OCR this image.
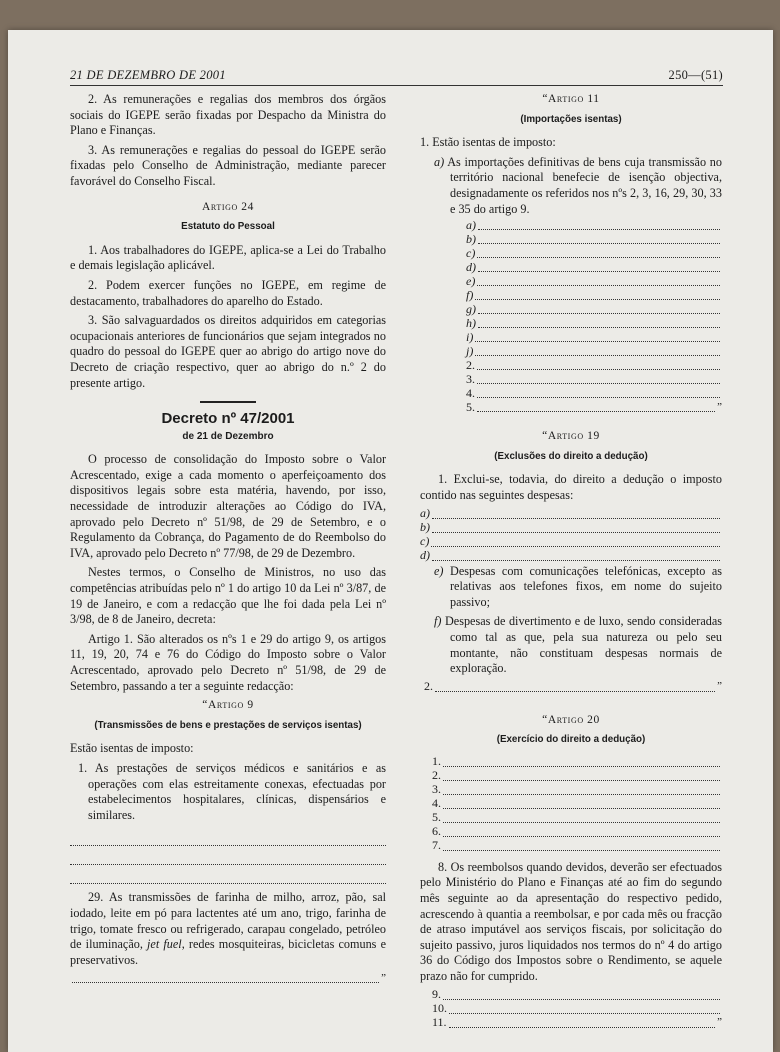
21 DE DEZEMBRO DE 2001	250—(51)

2. As remunerações e regalias dos membros dos órgãos sociais do IGEPE serão fixadas por Despacho da Ministra do Plano e Finanças.

3. As remunerações e regalias do pessoal do IGEPE serão fixadas pelo Conselho de Administração, mediante parecer favorável do Conselho Fiscal.

Artigo 24
Estatuto do Pessoal

1. Aos trabalhadores do IGEPE, aplica-se a Lei do Trabalho e demais legislação aplicável.

2. Podem exercer funções no IGEPE, em regime de destacamento, trabalhadores do aparelho do Estado.

3. São salvaguardados os direitos adquiridos em categorias ocupacionais anteriores de funcionários que sejam integrados no quadro do pessoal do IGEPE quer ao abrigo do artigo nove do Decreto de criação respectivo, quer ao abrigo do n.º 2 do presente artigo.

Decreto nº 47/2001
de 21 de Dezembro

O processo de consolidação do Imposto sobre o Valor Acrescentado, exige a cada momento o aperfeiçoamento dos dispositivos legais sobre esta matéria, havendo, por isso, necessidade de introduzir alterações ao Código do IVA, aprovado pelo Decreto nº 51/98, de 29 de Setembro, e o Regulamento da Cobrança, do Pagamento de do Reembolso do IVA, aprovado pelo Decreto nº 77/98, de 29 de Dezembro.

Nestes termos, o Conselho de Ministros, no uso das competências atribuídas pelo nº 1 do artigo 10 da Lei nº 3/87, de 19 de Janeiro, e com a redacção que lhe foi dada pela Lei nº 3/98, de 8 de Janeiro, decreta:

Artigo 1. São alterados os nºs 1 e 29 do artigo 9, os artigos 11, 19, 20, 74 e 76 do Código do Imposto sobre o Valor Acrescentado, aprovado pelo Decreto nº 51/98, de 29 de Setembro, passando a ter a seguinte redacção:

“Artigo 9
(Transmissões de bens e prestações de serviços isentas)

Estão isentas de imposto:

1. As prestações de serviços médicos e sanitários e as operações com elas estreitamente conexas, efectuadas por estabelecimentos hospitalares, clínicas, dispensários e similares.

29. As transmissões de farinha de milho, arroz, pão, sal iodado, leite em pó para lactentes até um ano, trigo, farinha de trigo, tomate fresco ou refrigerado, carapau congelado, petróleo de iluminação, jet fuel, redes mosquiteiras, bicicletas comuns e preservativos.

”
“Artigo 11
(Importações isentas)

1. Estão isentas de imposto:

a) As importações definitivas de bens cuja transmissão no território nacional benefecie de isenção objectiva, designadamente os referidos nos nºs 2, 3, 16, 29, 30, 33 e 35 do artigo 9.

a)
b)
c)
d)
e)
f)
g)
h)
i)
j)
2.
3.
4.
5.	”
“Artigo 19
(Exclusões do direito a dedução)

1. Exclui-se, todavia, do direito a dedução o imposto contido nas seguintes despesas:

a)
b)
c)
d)

e) Despesas com comunicações telefónicas, excepto as relativas aos telefones fixos, em nome do sujeito passivo;

f) Despesas de divertimento e de luxo, sendo consideradas como tal as que, pela sua natureza ou pelo seu montante, não constituam despesas normais de exploração.

2.	”
“Artigo 20
(Exercício do direito a dedução)
1.
2.
3.
4.
5.
6.
7.

8. Os reembolsos quando devidos, deverão ser efectuados pelo Ministério do Plano e Finanças até ao fim do segundo mês seguinte ao da apresentação do respectivo pedido, acrescendo à quantia a reembolsar, e por cada mês ou fracção de atraso imputável aos serviços fiscais, por solicitação do sujeito passivo, juros liquidados nos termos do nº 4 do artigo 36 do Código dos Impostos sobre o Rendimento, se aquele prazo não for cumprido.

9.
10.
11.	”
